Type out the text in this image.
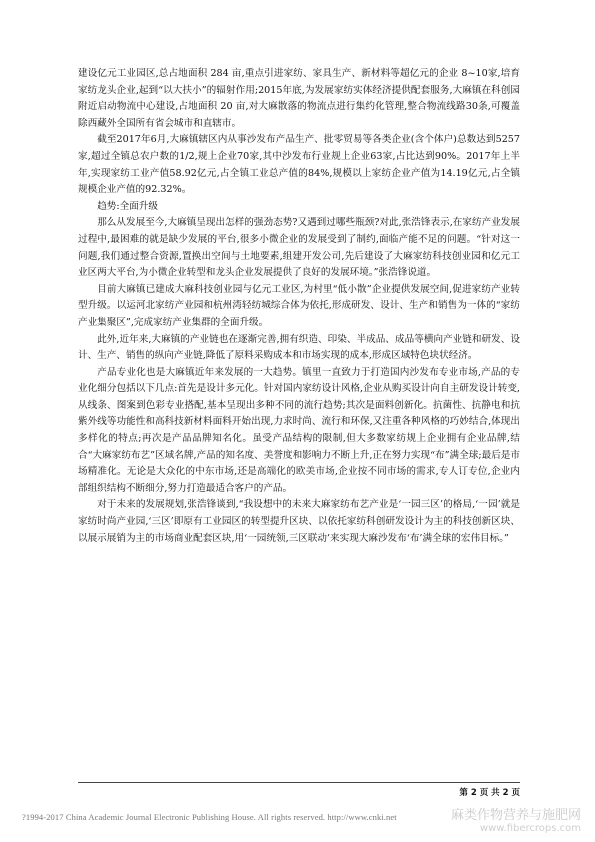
建设亿元工业园区,总占地面积 284 亩,重点引进家纺、家具生产、新材料等超亿元的企业 8~10家,培育家纺龙头企业,起到“以大扶小”的辐射作用;2015年底,为发展家纺实体经济提供配套服务,大麻镇在科创园附近启动物流中心建设,占地面积 20 亩,对大麻散落的物流点进行集约化管理,整合物流线路30条,可覆盖除西藏外全国所有省会城市和直辖市。

截至2017年6月,大麻镇辖区内从事沙发布产品生产、批零贸易等各类企业(含个体户)总数达到5257家,超过全镇总农户数的1/2,规上企业70家,其中沙发布行业规上企业63家,占比达到90%。2017年上半年,实现家纺工业产值58.92亿元,占全镇工业总产值的84%,规模以上家纺企业产值为14.19亿元,占全镇规模企业产值的92.32%。

趋势:全面升级

那么从发展至今,大麻镇呈现出怎样的强劲态势?又遇到过哪些瓶颈?对此,张浩锋表示,在家纺产业发展过程中,最困难的就是缺少发展的平台,很多小微企业的发展受到了制约,面临产能不足的问题。“针对这一问题,我们通过整合资源,置换出空间与土地要素,组建开发公司,先后建设了大麻家纺科技创业园和亿元工业区两大平台,为小微企业转型和龙头企业发展提供了良好的发展环境。”张浩锋说道。

目前大麻镇已建成大麻科技创业园与亿元工业区,为村里“低小散”企业提供发展空间,促进家纺产业转型升级。以运河北家纺产业园和杭州湾轻纺城综合体为依托,形成研发、设计、生产和销售为一体的“家纺产业集聚区”,完成家纺产业集群的全面升级。

此外,近年来,大麻镇的产业链也在逐渐完善,拥有织造、印染、半成品、成品等横向产业链和研发、设计、生产、销售的纵向产业链,降低了原料采购成本和市场实现的成本,形成区域特色块状经济。

产品专业化也是大麻镇近年来发展的一大趋势。镇里一直致力于打造国内沙发布专业市场,产品的专业化细分包括以下几点:首先是设计多元化。针对国内家纺设计风格,企业从购买设计向自主研发设计转变,从线条、图案到色彩专业搭配,基本呈现出多种不同的流行趋势;其次是面料创新化。抗菌性、抗静电和抗紫外线等功能性和高科技新材料面料开始出现,力求时尚、流行和环保,又注重各种风格的巧妙结合,体现出多样化的特点;再次是产品品牌知名化。虽受产品结构的限制,但大多数家纺规上企业拥有企业品牌,结合“大麻家纺布艺”区域名牌,产品的知名度、美誉度和影响力不断上升,正在努力实现“布”满全球;最后是市场精准化。无论是大众化的中东市场,还是高端化的欧美市场,企业按不同市场的需求,专人订专位,企业内部组织结构不断细分,努力打造最适合客户的产品。

对于未来的发展规划,张浩锋谈到,“我设想中的未来大麻家纺布艺产业是‘一园三区’的格局,‘一园’就是家纺时尚产业园,‘三区’即原有工业园区的转型提升区块、以依托家纺科创研发设计为主的科技创新区块、以展示展销为主的市场商业配套区块,用‘一园统领,三区联动’来实现大麻沙发布‘布’满全球的宏伟目标。”

第 2 页 共 2 页
?1994-2017 China Academic Journal Electronic Publishing House. All rights reserved. http://www.cnki.net	麻类作物营养与施肥网
www.fibercrops.com
